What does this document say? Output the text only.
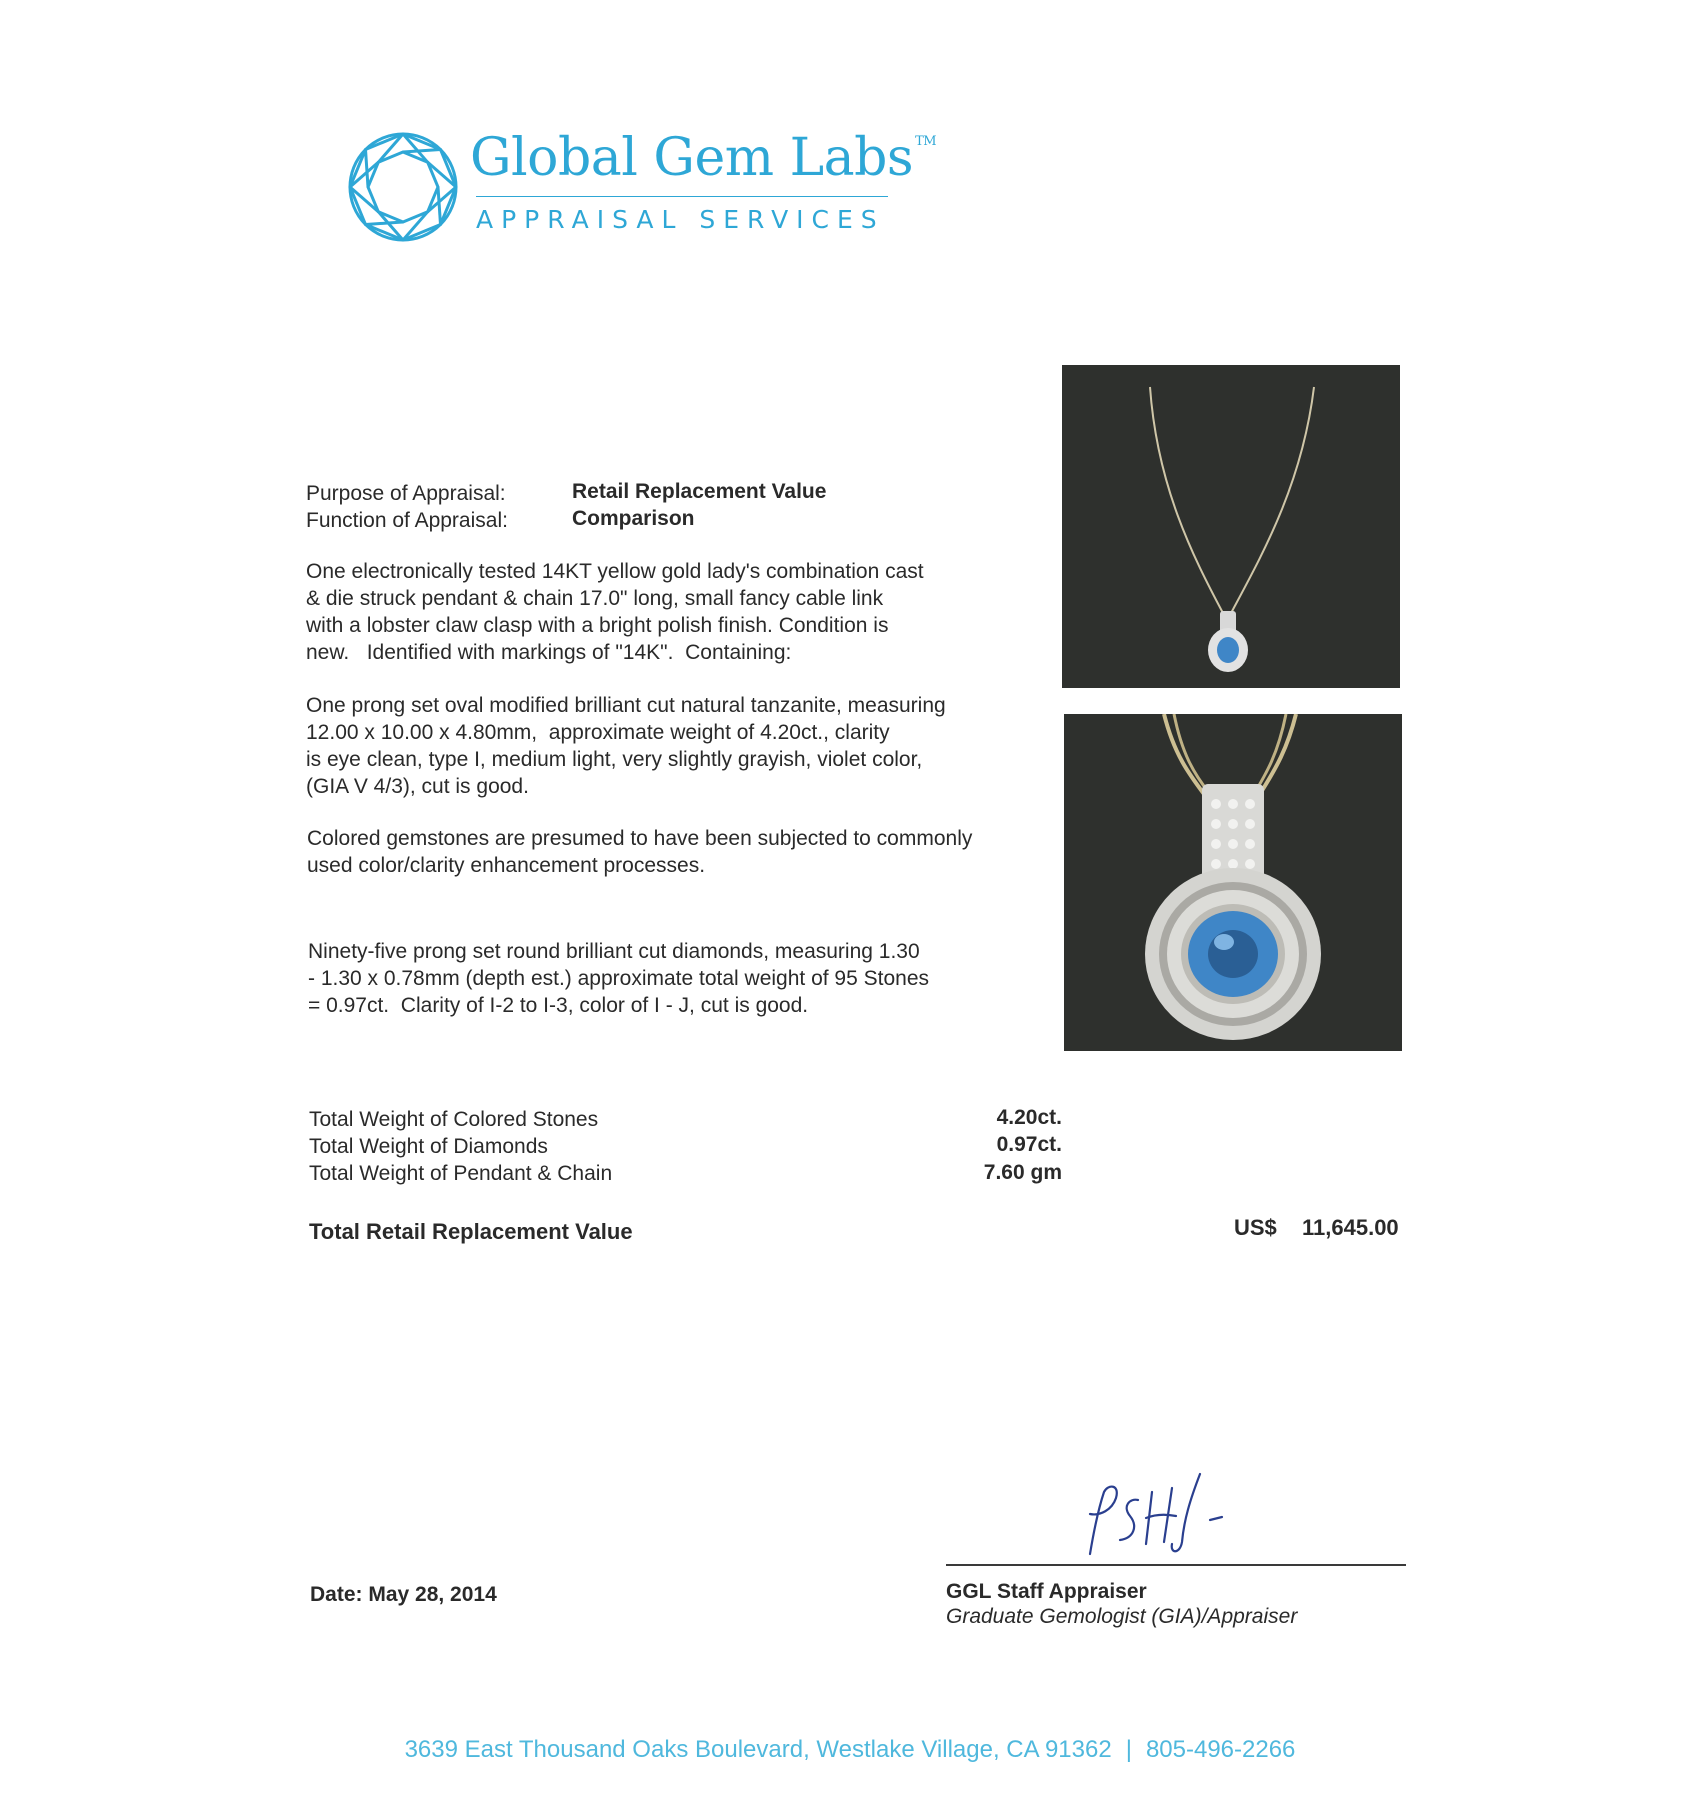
Global Gem Labs ™
APPRAISAL SERVICES
Purpose of Appraisal:	Retail Replacement Value
Function of Appraisal:	Comparison
One electronically tested 14KT yellow gold lady's combination cast
& die struck pendant & chain 17.0" long, small fancy cable link
with a lobster claw clasp with a bright polish finish. Condition is
new.   Identified with markings of "14K".  Containing:
One prong set oval modified brilliant cut natural tanzanite, measuring
12.00 x 10.00 x 4.80mm,  approximate weight of 4.20ct., clarity
is eye clean, type I, medium light, very slightly grayish, violet color,
(GIA V 4/3), cut is good.
Colored gemstones are presumed to have been subjected to commonly
used color/clarity enhancement processes.
Ninety-five prong set round brilliant cut diamonds, measuring 1.30
- 1.30 x 0.78mm (depth est.) approximate total weight of 95 Stones
= 0.97ct.  Clarity of I-2 to I-3, color of I - J, cut is good.
Total Weight of Colored Stones	4.20ct.
Total Weight of Diamonds	0.97ct.
Total Weight of Pendant & Chain	7.60 gm
Total Retail Replacement Value	US$ 11,645.00
Date: May 28, 2014	GGL Staff Appraiser
Graduate Gemologist (GIA)/Appraiser
3639 East Thousand Oaks Boulevard, Westlake Village, CA 91362 | 805-496-2266
